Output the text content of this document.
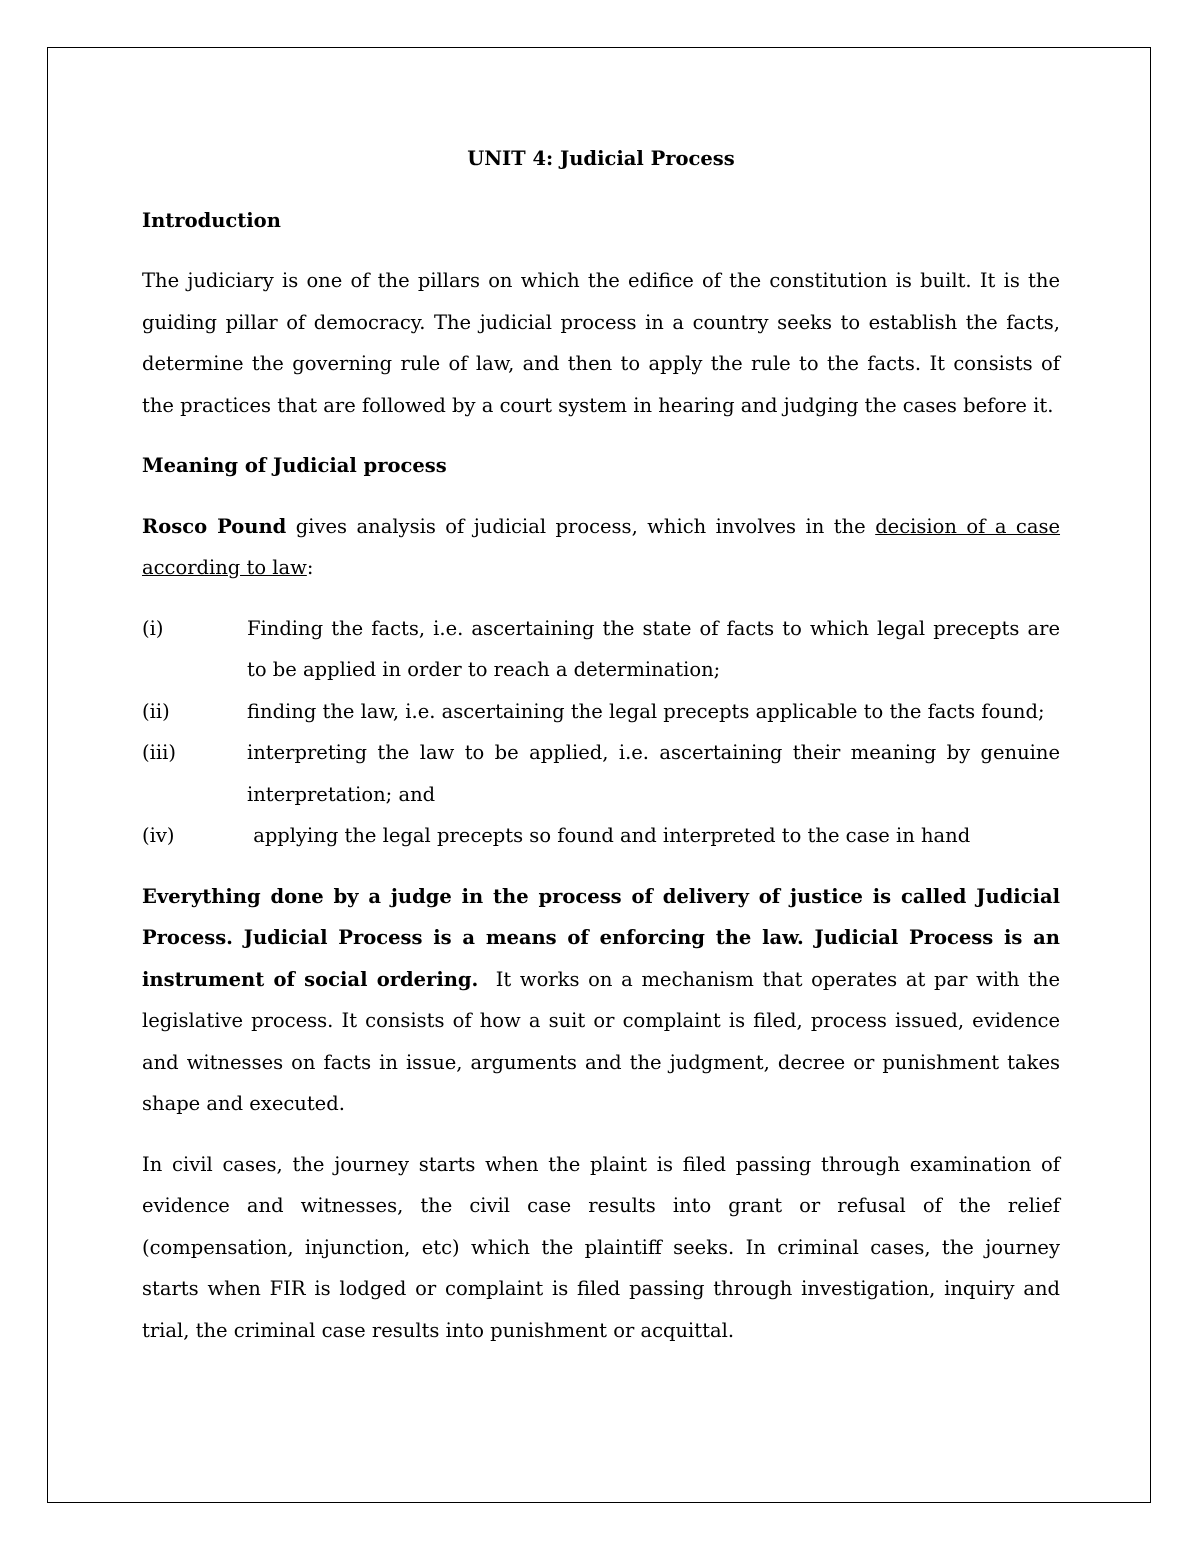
UNIT 4: Judicial Process
Introduction
The judiciary is one of the pillars on which the edifice of the constitution is built. It is the guiding pillar of democracy. The judicial process in a country seeks to establish the facts, determine the governing rule of law, and then to apply the rule to the facts. It consists of the practices that are followed by a court system in hearing and judging the cases before it.
Meaning of Judicial process
Rosco Pound gives analysis of judicial process, which involves in the decision of a case according to law:
(i)	Finding the facts, i.e. ascertaining the state of facts to which legal precepts are to be applied in order to reach a determination;
(ii)	finding the law, i.e. ascertaining the legal precepts applicable to the facts found;
(iii)	interpreting the law to be applied, i.e. ascertaining their meaning by genuine interpretation; and
(iv)	applying the legal precepts so found and interpreted to the case in hand
Everything done by a judge in the process of delivery of justice is called Judicial Process. Judicial Process is a means of enforcing the law. Judicial Process is an instrument of social ordering.  It works on a mechanism that operates at par with the legislative process. It consists of how a suit or complaint is filed, process issued, evidence and witnesses on facts in issue, arguments and the judgment, decree or punishment takes shape and executed.
In civil cases, the journey starts when the plaint is filed passing through examination of evidence and witnesses, the civil case results into grant or refusal of the relief (compensation, injunction, etc) which the plaintiff seeks. In criminal cases, the journey starts when FIR is lodged or complaint is filed passing through investigation, inquiry and trial, the criminal case results into punishment or acquittal.
